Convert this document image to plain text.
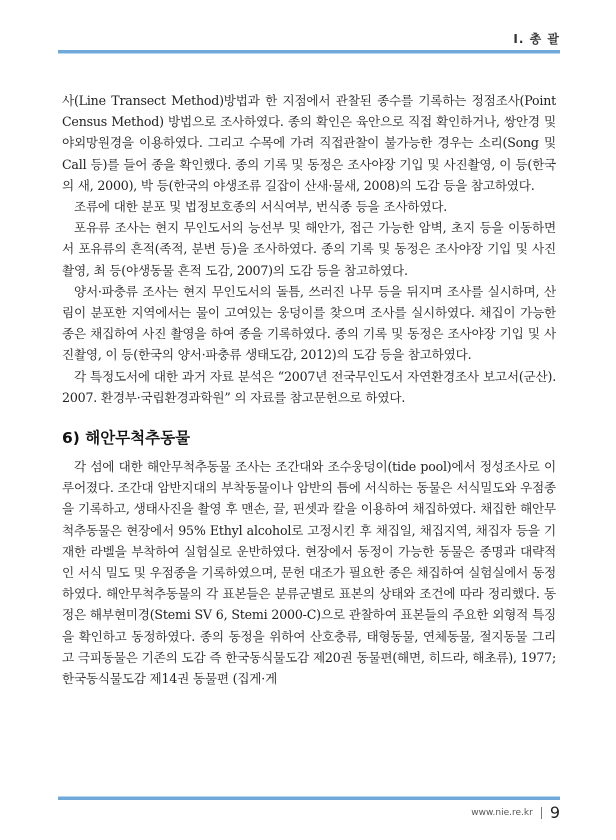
Ⅰ. 총 괄

사(Line Transect Method)방법과 한 지점에서 관찰된 종수를 기록하는 정점조사(Point Census Method) 방법으로 조사하였다. 종의 확인은 육안으로 직접 확인하거나, 쌍안경 및 야외망원경을 이용하였다. 그리고 수목에 가려 직접관찰이 불가능한 경우는 소리(Song 및 Call 등)를 들어 종을 확인했다. 종의 기록 및 동정은 조사야장 기입 및 사진촬영, 이 등(한국의 새, 2000), 박 등(한국의 야생조류 길잡이 산새·물새, 2008)의 도감 등을 참고하였다.

조류에 대한 분포 및 법정보호종의 서식여부, 번식종 등을 조사하였다.

포유류 조사는 현지 무인도서의 능선부 및 해안가, 접근 가능한 암벽, 초지 등을 이동하면서 포유류의 흔적(족적, 분변 등)을 조사하였다. 종의 기록 및 동정은 조사야장 기입 및 사진 촬영, 최 등(야생동물 흔적 도감, 2007)의 도감 등을 참고하였다.

양서·파충류 조사는 현지 무인도서의 돌틈, 쓰러진 나무 등을 뒤지며 조사를 실시하며, 산림이 분포한 지역에서는 물이 고여있는 웅덩이를 찾으며 조사를 실시하였다. 채집이 가능한 종은 채집하여 사진 촬영을 하여 종을 기록하였다. 종의 기록 및 동정은 조사야장 기입 및 사진촬영, 이 등(한국의 양서·파충류 생태도감, 2012)의 도감 등을 참고하였다.

각 특정도서에 대한 과거 자료 분석은 “2007년 전국무인도서 자연환경조사 보고서(군산). 2007. 환경부·국립환경과학원” 의 자료를 참고문헌으로 하였다.

6) 해안무척추동물

각 섬에 대한 해안무척추동물 조사는 조간대와 조수웅덩이(tide pool)에서 정성조사로 이루어졌다. 조간대 암반지대의 부착동물이나 암반의 틈에 서식하는 동물은 서식밀도와 우점종을 기록하고, 생태사진을 촬영 후 맨손, 끌, 핀셋과 칼을 이용하여 채집하였다. 채집한 해안무척추동물은 현장에서 95% Ethyl alcohol로 고정시킨 후 채집일, 채집지역, 채집자 등을 기재한 라벨을 부착하여 실험실로 운반하였다. 현장에서 동정이 가능한 동물은 종명과 대략적인 서식 밀도 및 우점종을 기록하였으며, 문헌 대조가 필요한 종은 채집하여 실험실에서 동정하였다. 해안무척추동물의 각 표본들은 분류군별로 표본의 상태와 조건에 따라 정리했다. 동정은 해부현미경(Stemi SV 6, Stemi 2000-C)으로 관찰하여 표본들의 주요한 외형적 특징을 확인하고 동정하였다. 종의 동정을 위하여 산호충류, 태형동물, 연체동물, 절지동물 그리고 극피동물은 기존의 도감 즉 한국동식물도감 제20권 동물편(해면, 히드라, 해초류), 1977; 한국동식물도감 제14권 동물편 (집게·게

www.nie.re.kr 9
